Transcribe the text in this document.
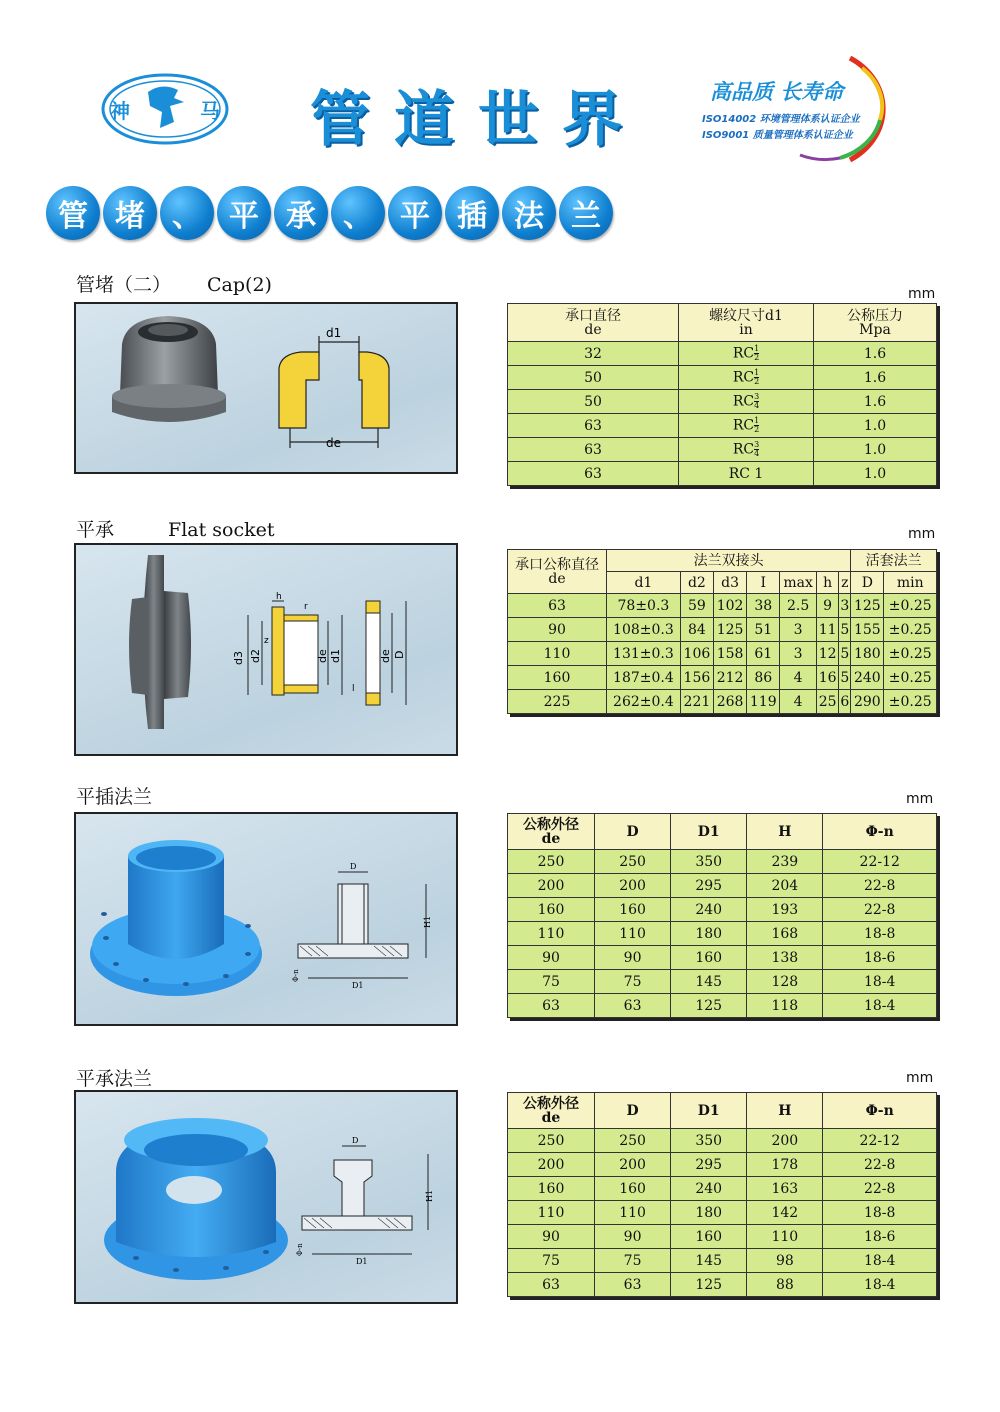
神	马 管道世界	高品质 长寿命
ISO14002 环境管理体系认证企业
ISO9001 质量管理体系认证企业
管 堵 、 平 承 、 平 插 法 兰
管堵（二） Cap(2)	mm
d1
de
承口直径
de	螺纹尺寸d1
in	公称压力
Mpa
32	RC $\frac{1}{2}$	1.6
50	RC $\frac{1}{2}$	1.6
50	RC $\frac{3}{4}$	1.6
63	RC $\frac{1}{2}$	1.0
63	RC $\frac{3}{4}$	1.0
63	RC 1	1.0
平承	Flat socket	mm
d3 d2	de d1
h
r
z
de D
l
承口公称直径
de	法兰双接头							活套法兰	
	d1	d2	d3	I	max	h	z	D	min
63	78±0.3	59	102	38	2.5	9	3	125	±0.25
90	108±0.3	84	125	51	3	11	5	155	±0.25
110	131±0.3	106	158	61	3	12	5	180	±0.25
160	187±0.4	156	212	86	4	16	5	240	±0.25
225	262±0.4	221	268	119	4	25	6	290	±0.25
平插法兰	mm
D
H1
D1
Φ-n
公称外径
de	D	D1	H	Φ-n
250	250	350	239	22-12
200	200	295	204	22-8
160	160	240	193	22-8
110	110	180	168	18-8
90	90	160	138	18-6
75	75	145	128	18-4
63	63	125	118	18-4
平承法兰	mm
D
H1
D1
Φ-n
公称外径
de	D	D1	H	Φ-n
250	250	350	200	22-12
200	200	295	178	22-8
160	160	240	163	22-8
110	110	180	142	18-8
90	90	160	110	18-6
75	75	145	98	18-4
63	63	125	88	18-4
